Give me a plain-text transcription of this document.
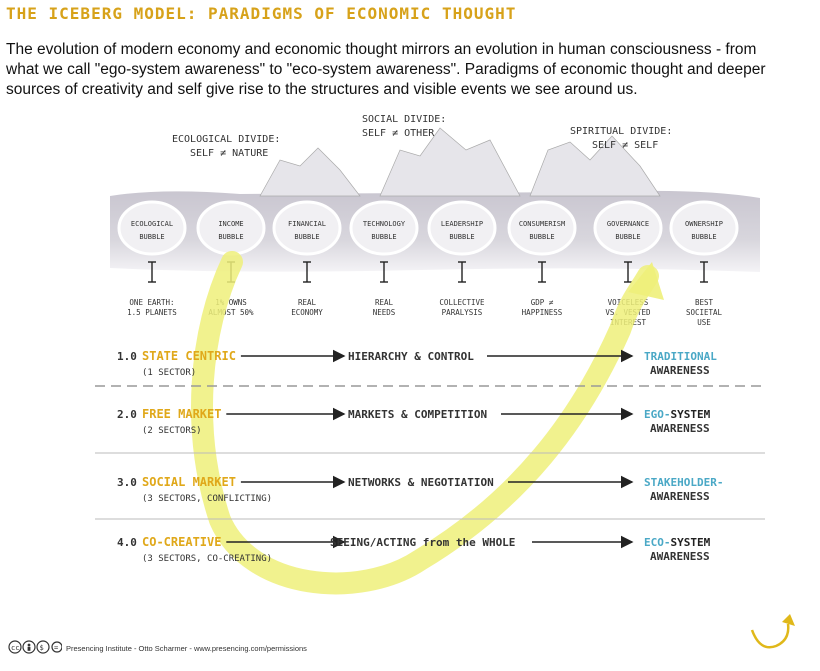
THE ICEBERG MODEL: PARADIGMS OF ECONOMIC THOUGHT
The evolution of modern economy and economic thought mirrors an evolution in human consciousness - from
what we call "ego-system awareness" to "eco-system awareness". Paradigms of economic thought and deeper
sources of creativity and self give rise to the structures and visible events we see around us.
ECOLOGICAL DIVIDE:
SELF ≠ NATURE
SOCIAL DIVIDE:
SELF ≠ OTHER	SPIRITUAL DIVIDE:
SELF ≠ SELF
ECOLOGICAL
BUBBLE
ONE EARTH:
1.5 PLANETS
INCOME
BUBBLE
1% OWNS
ALMOST 50%
FINANCIAL
BUBBLE
REAL
ECONOMY
TECHNOLOGY
BUBBLE
REAL
NEEDS
LEADERSHIP
BUBBLE
COLLECTIVE
PARALYSIS
CONSUMERISM
BUBBLE
GDP ≠
HAPPINESS
GOVERNANCE
BUBBLE
VOICELESS
VS. VESTED
INTEREST
OWNERSHIP
BUBBLE
BEST
SOCIETAL
USE
1.0 STATE CENTRIC
(1 SECTOR)
HIERARCHY & CONTROL	TRADITIONAL
AWARENESS
2.0 FREE MARKET
(2 SECTORS)
MARKETS & COMPETITION	EGO-SYSTEM
AWARENESS
3.0 SOCIAL MARKET
(3 SECTORS, CONFLICTING)
NETWORKS & NEGOTIATION	STAKEHOLDER-
AWARENESS
4.0 CO-CREATIVE
(3 SECTORS, CO-CREATING)
SEEING/ACTING from the WHOLE	ECO-SYSTEM
AWARENESS
cc	$ = Presencing Institute - Otto Scharmer - www.presencing.com/permissions
